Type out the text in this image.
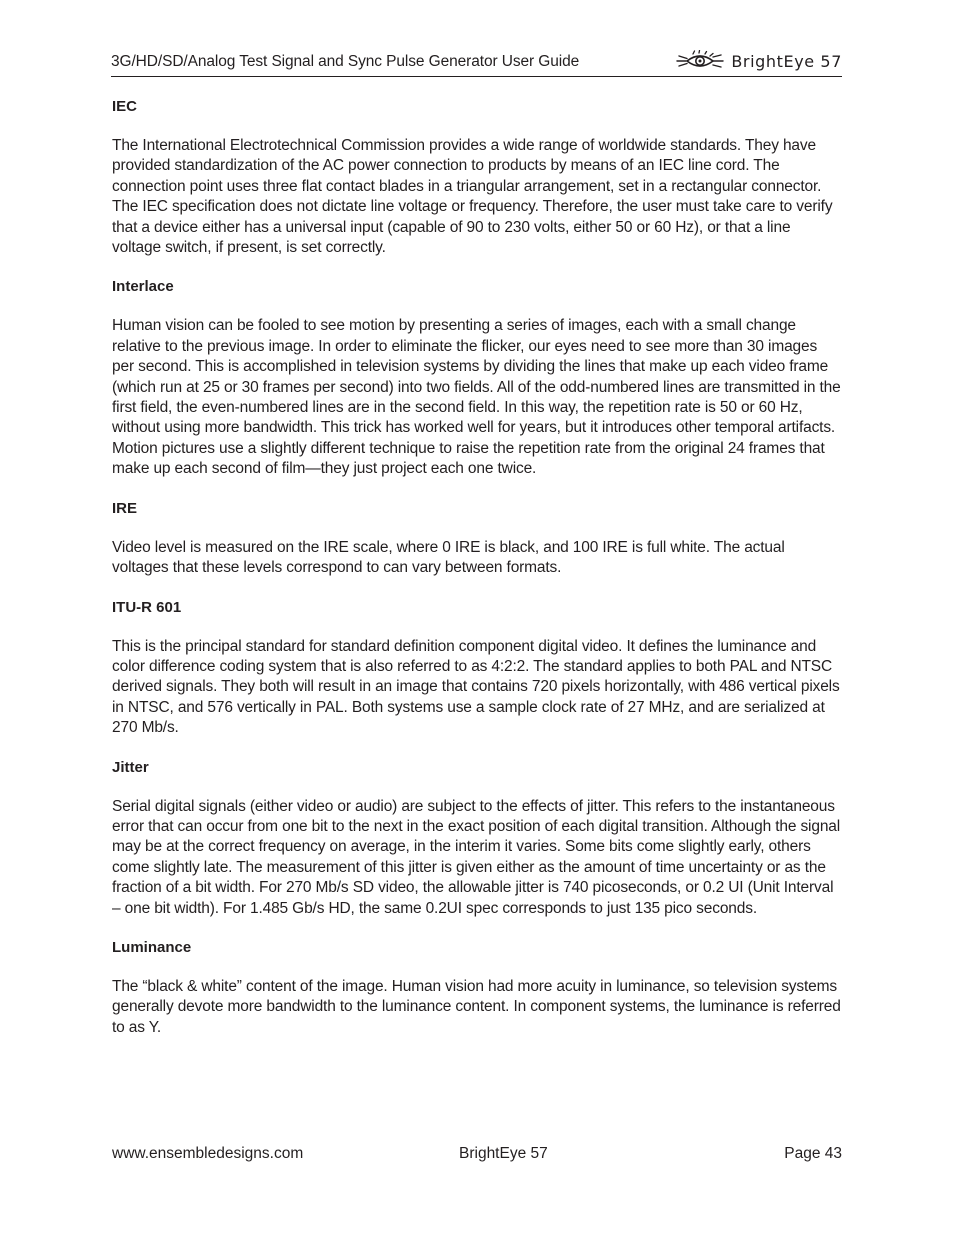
3G/HD/SD/Analog Test Signal and Sync Pulse Generator User Guide	BrightEye 57
IEC
The International Electrotechnical Commission provides a wide range of worldwide standards. They have provided standardization of the AC power connection to products by means of an IEC line cord. The connection point uses three flat contact blades in a triangular arrangement, set in a rectangular connector. The IEC specification does not dictate line voltage or frequency. Therefore, the user must take care to verify that a device either has a universal input (capable of 90 to 230 volts, either 50 or 60 Hz), or that a line voltage switch, if present, is set correctly.
Interlace
Human vision can be fooled to see motion by presenting a series of images, each with a small change relative to the previous image. In order to eliminate the flicker, our eyes need to see more than 30 images per second. This is accomplished in television systems by dividing the lines that make up each video frame (which run at 25 or 30 frames per second) into two fields. All of the odd-numbered lines are transmitted in the first field, the even-numbered lines are in the second field. In this way, the repetition rate is 50 or 60 Hz, without using more bandwidth. This trick has worked well for years, but it introduces other temporal artifacts. Motion pictures use a slightly different technique to raise the repetition rate from the original 24 frames that make up each second of film—they just project each one twice.
IRE
Video level is measured on the IRE scale, where 0 IRE is black, and 100 IRE is full white. The actual voltages that these levels correspond to can vary between formats.
ITU-R 601
This is the principal standard for standard definition component digital video. It defines the luminance and color difference coding system that is also referred to as 4:2:2. The standard applies to both PAL and NTSC derived signals. They both will result in an image that contains 720 pixels horizontally, with 486 vertical pixels in NTSC, and 576 vertically in PAL. Both systems use a sample clock rate of 27 MHz, and are serialized at 270 Mb/s.
Jitter
Serial digital signals (either video or audio) are subject to the effects of jitter. This refers to the instantaneous error that can occur from one bit to the next in the exact position of each digital transition. Although the signal may be at the correct frequency on average, in the interim it varies. Some bits come slightly early, others come slightly late. The measurement of this jitter is given either as the amount of time uncertainty or as the fraction of a bit width. For 270 Mb/s SD video, the allowable jitter is 740 picoseconds, or 0.2 UI (Unit Interval – one bit width). For 1.485 Gb/s HD, the same 0.2UI spec corresponds to just 135 pico seconds.
Luminance
The “black & white” content of the image. Human vision had more acuity in luminance, so television systems generally devote more bandwidth to the luminance content. In component systems, the luminance is referred to as Y.
www.ensembledesigns.com	BrightEye 57	Page 43
